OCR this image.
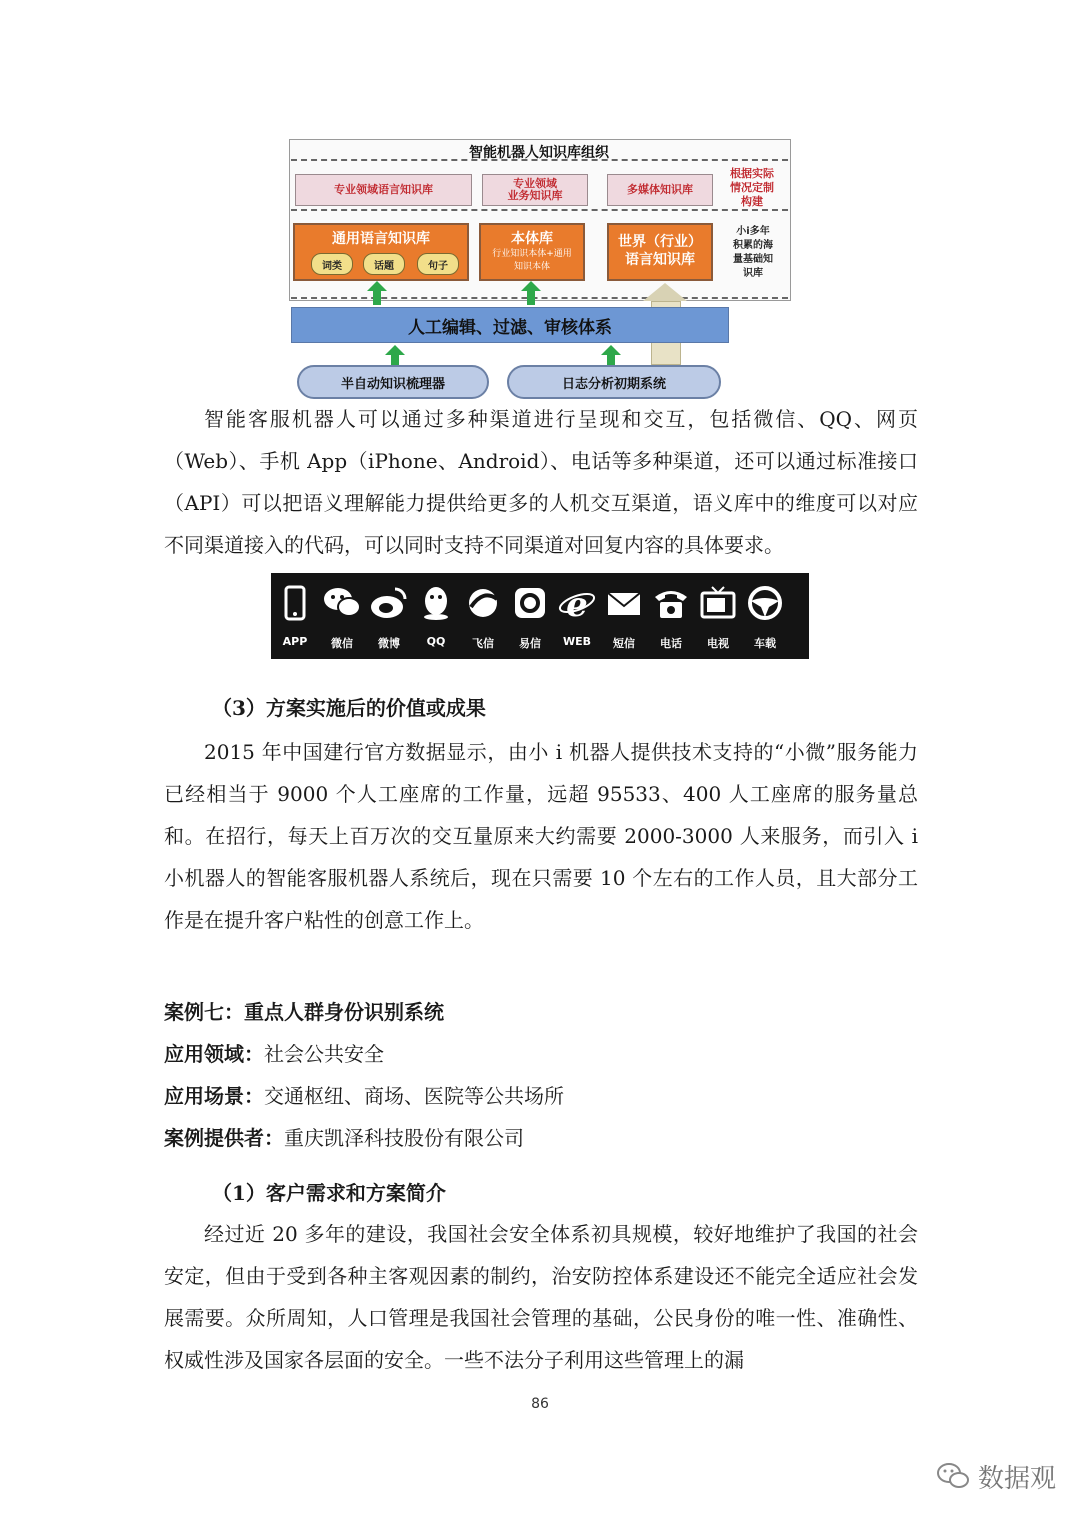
智能机器人知识库组织
专业领域语言知识库	专业领域
业务知识库	多媒体知识库
根据实际
情况定制
构建
通用语言知识库
词类	话题	句子
本体库
行业知识本体+通用
知识本体
世界（行业）
语言知识库
小i多年
积累的海
量基础知
识库
人工编辑、过滤、审核体系
半自动知识梳理器	日志分析初期系统
智能客服机器人可以通过多种渠道进行呈现和交互，包括微信、QQ、网页（Web）、手机 App（iPhone、Android）、电话等多种渠道，还可以通过标准接口（API）可以把语义理解能力提供给更多的人机交互渠道，语义库中的维度可以对应不同渠道接入的代码，可以同时支持不同渠道对回复内容的具体要求。
APP	微信	微博	QQ	飞信	易信
e
WEB	短信	电话	电视	车载
（3）方案实施后的价值或成果
2015 年中国建行官方数据显示，由小 i 机器人提供技术支持的“小微”服务能力已经相当于 9000 个人工座席的工作量，远超 95533、400 人工座席的服务量总和。在招行，每天上百万次的交互量原来大约需要 2000-3000 人来服务，而引入 i 小机器人的智能客服机器人系统后，现在只需要 10 个左右的工作人员，且大部分工作是在提升客户粘性的创意工作上。
案例七：重点人群身份识别系统
应用领域：社会公共安全
应用场景：交通枢纽、商场、医院等公共场所
案例提供者：重庆凯泽科技股份有限公司
（1）客户需求和方案简介
经过近 20 多年的建设，我国社会安全体系初具规模，较好地维护了我国的社会安定，但由于受到各种主客观因素的制约，治安防控体系建设还不能完全适应社会发展需要。众所周知，人口管理是我国社会管理的基础，公民身份的唯一性、准确性、权威性涉及国家各层面的安全。一些不法分子利用这些管理上的漏
86
数据观
